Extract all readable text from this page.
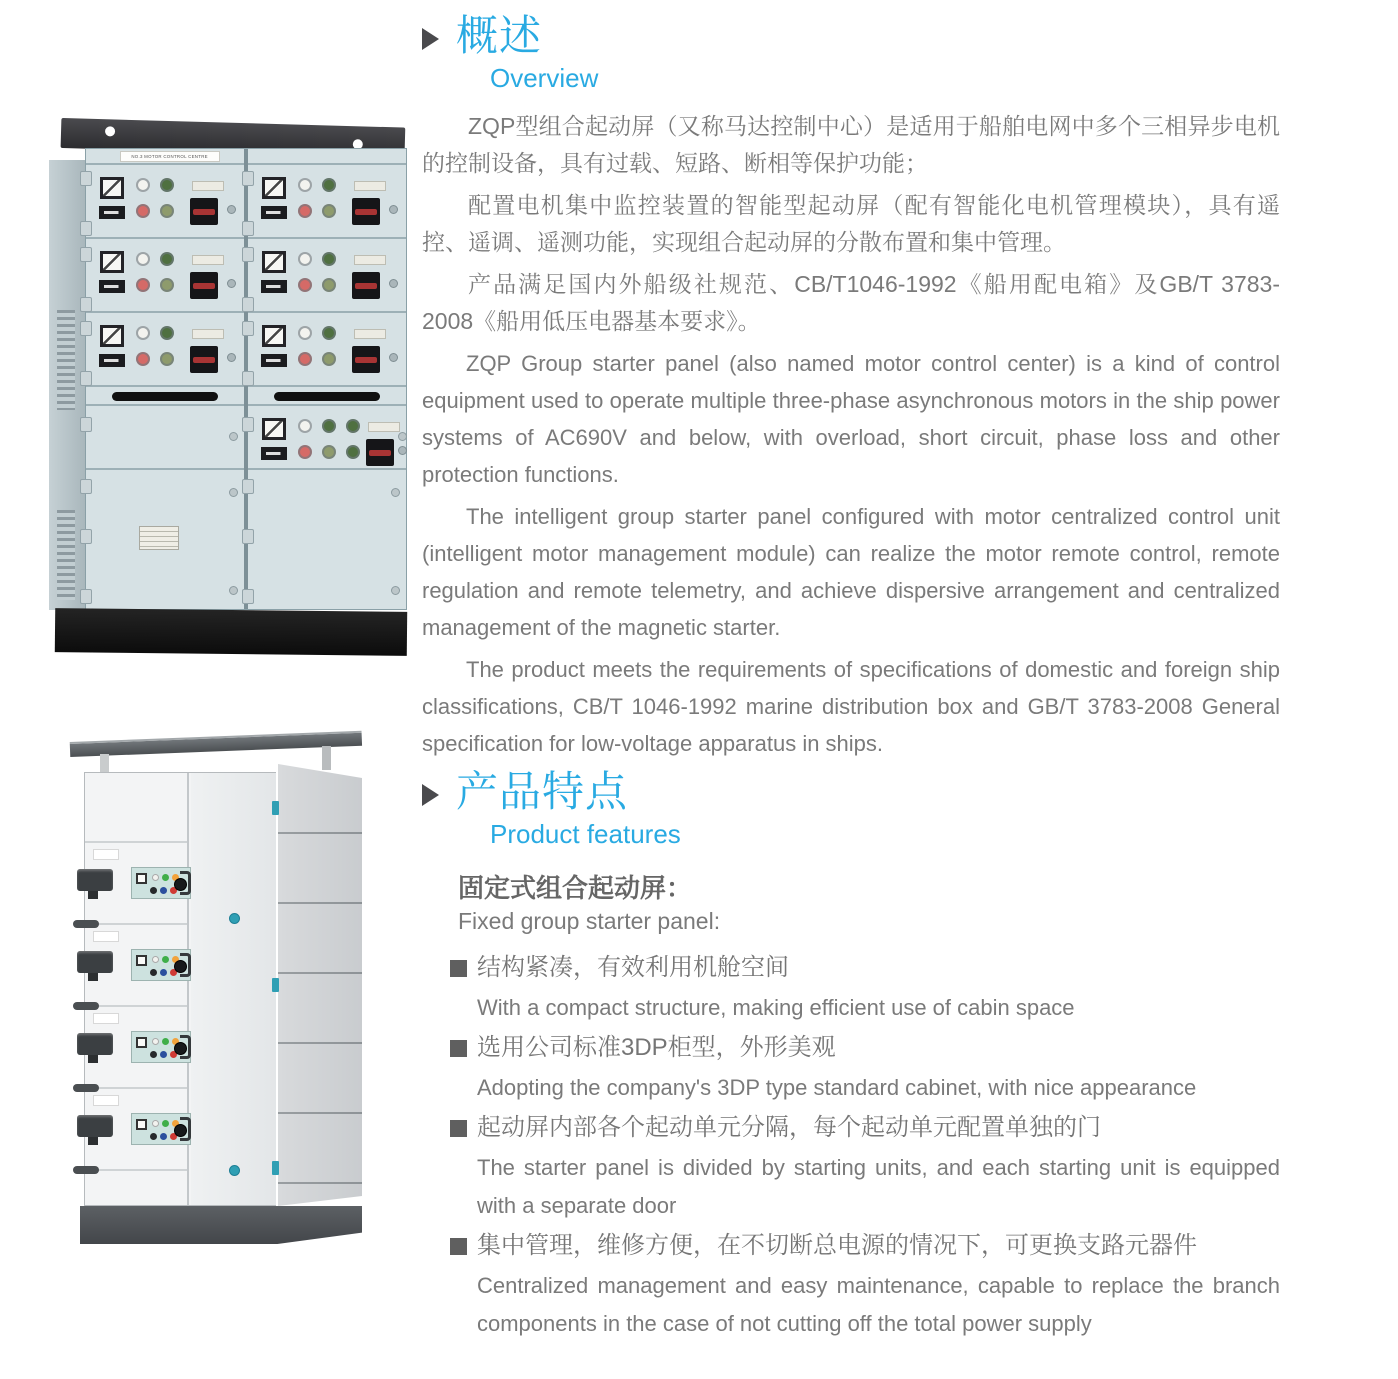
概述
Overview

ZQP型组合起动屏（又称马达控制中心）是适用于船舶电网中多个三相异步电机的控制设备，具有过载、短路、断相等保护功能；

配置电机集中监控装置的智能型起动屏（配有智能化电机管理模块），具有遥控、遥调、遥测功能，实现组合起动屏的分散布置和集中管理。

产品满足国内外船级社规范、CB/T1046-1992《船用配电箱》及GB/T 3783-2008《船用低压电器基本要求》。

ZQP Group starter panel (also named motor control center) is a kind of control equipment used to operate multiple three-phase asynchronous motors in the ship power systems of AC690V and below, with overload, short circuit, phase loss and other protection functions.

The intelligent group starter panel configured with motor centralized control unit (intelligent motor management module) can realize the motor remote control, remote regulation and remote telemetry, and achieve dispersive arrangement and centralized management of the magnetic starter.

The product meets the requirements of specifications of domestic and foreign ship classifications, CB/T 1046-1992 marine distribution box and GB/T 3783-2008 General specification for low-voltage apparatus in ships.

产品特点
Product features
固定式组合起动屏：
Fixed group starter panel:
结构紧凑，有效利用机舱空间
With a compact structure, making efficient use of cabin space
选用公司标准3DP柜型，外形美观
Adopting the company's 3DP type standard cabinet, with nice appearance
起动屏内部各个起动单元分隔，每个起动单元配置单独的门
The starter panel is divided by starting units, and each starting unit is equipped with a separate door
集中管理，维修方便，在不切断总电源的情况下，可更换支路元器件
Centralized management and easy maintenance, capable to replace the branch components in the case of not cutting off the total power supply
NO.3 MOTOR CONTROL CENTRE
